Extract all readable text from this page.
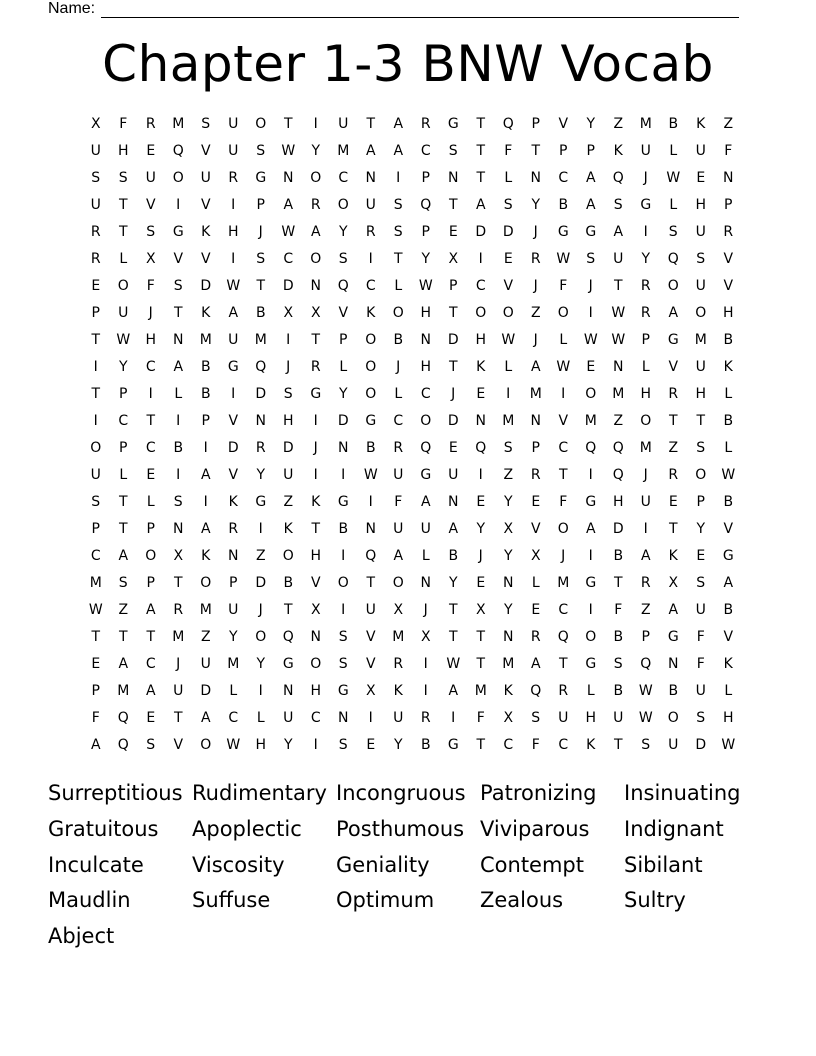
Name:
Chapter 1-3 BNW Vocab
X	F	R	M	S	U	O	T	I	U	T	A	R	G	T	Q	P	V	Y	Z	M	B	K	Z
U	H	E	Q	V	U	S	W	Y	M	A	A	C	S	T	F	T	P	P	K	U	L	U	F
S	S	U	O	U	R	G	N	O	C	N	I	P	N	T	L	N	C	A	Q	J	W	E	N
U	T	V	I	V	I	P	A	R	O	U	S	Q	T	A	S	Y	B	A	S	G	L	H	P
R	T	S	G	K	H	J	W	A	Y	R	S	P	E	D	D	J	G	G	A	I	S	U	R
R	L	X	V	V	I	S	C	O	S	I	T	Y	X	I	E	R	W	S	U	Y	Q	S	V
E	O	F	S	D	W	T	D	N	Q	C	L	W	P	C	V	J	F	J	T	R	O	U	V
P	U	J	T	K	A	B	X	X	V	K	O	H	T	O	O	Z	O	I	W	R	A	O	H
T	W	H	N	M	U	M	I	T	P	O	B	N	D	H	W	J	L	W W	P	G	M	B
I	Y	C	A	B	G	Q	J	R	L	O	J	H	T	K	L	A	W	E	N	L	V	U	K
T	P	I	L	B	I	D	S	G	Y	O	L	C	J	E	I	M	I	O	M	H	R	H	L
I	C	T	I	P	V	N	H	I	D	G	C	O	D	N	M	N	V	M	Z	O	T	T	B
O	P	C	B	I	D	R	D	J	N	B	R	Q	E	Q	S	P	C	Q	Q	M	Z	S	L
U	L	E	I	A	V	Y	U	I	I	W	U	G	U	I	Z	R	T	I	Q	J	R	O	W
S	T	L	S	I	K	G	Z	K	G	I	F	A	N	E	Y	E	F	G	H	U	E	P	B
P	T	P	N	A	R	I	K	T	B	N	U	U	A	Y	X	V	O	A	D	I	T	Y	V
C	A	O	X	K	N	Z	O	H	I	Q	A	L	B	J	Y	X	J	I	B	A	K	E	G
M	S	P	T	O	P	D	B	V	O	T	O	N	Y	E	N	L	M	G	T	R	X	S	A
W	Z	A	R	M	U	J	T	X	I	U	X	J	T	X	Y	E	C	I	F	Z	A	U	B
T	T	T	M	Z	Y	O	Q	N	S	V	M	X	T	T	N	R	Q	O	B	P	G	F	V
E	A	C	J	U	M	Y	G	O	S	V	R	I	W	T	M	A	T	G	S	Q	N	F	K
P	M	A	U	D	L	I	N	H	G	X	K	I	A	M	K	Q	R	L	B	W	B	U	L
F	Q	E	T	A	C	L	U	C	N	I	U	R	I	F	X	S	U	H	U	W	O	S	H
A	Q	S	V	O	W	H	Y	I	S	E	Y	B	G	T	C	F	C	K	T	S	U	D	W
Surreptitious Rudimentary Incongruous Patronizing	Insinuating
Gratuitous	Apoplectic	Posthumous Viviparous	Indignant
Inculcate	Viscosity	Geniality	Contempt	Sibilant
Maudlin	Suffuse	Optimum	Zealous	Sultry
Abject
